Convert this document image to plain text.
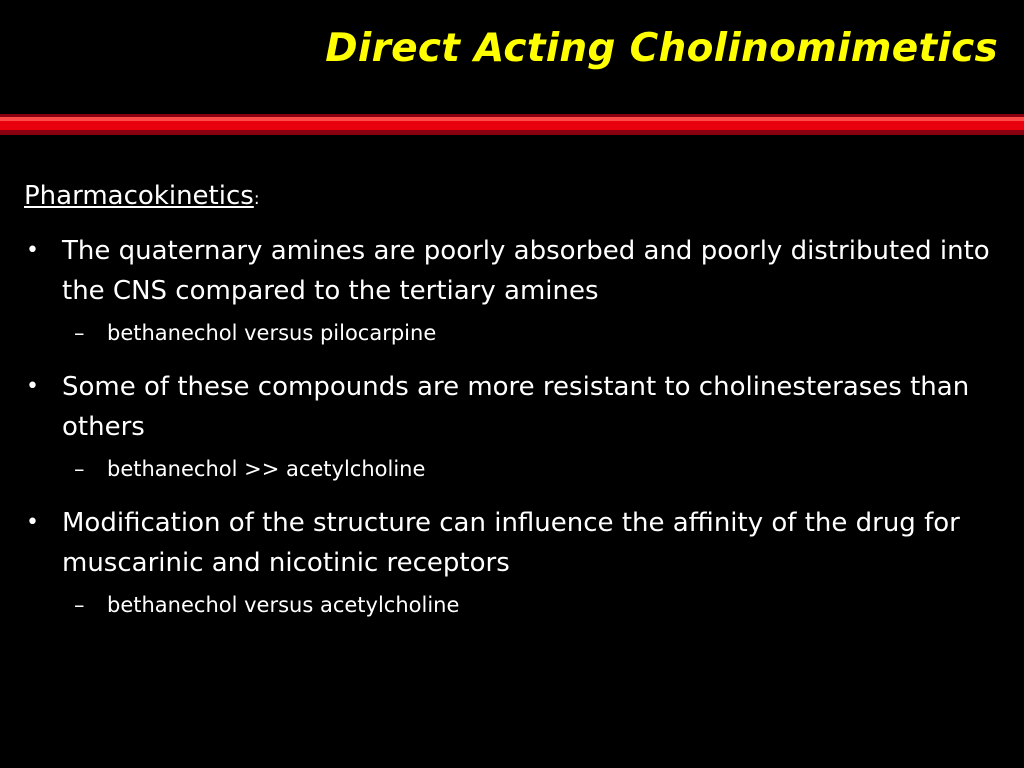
Direct Acting Cholinomimetics
Pharmacokinetics:
• The quaternary amines are poorly absorbed and poorly distributed into the CNS compared to the tertiary amines
– bethanechol versus pilocarpine
• Some of these compounds are more resistant to cholinesterases than others
– bethanechol >> acetylcholine
• Modification of the structure can influence the affinity of the drug for muscarinic and nicotinic receptors
– bethanechol versus acetylcholine
